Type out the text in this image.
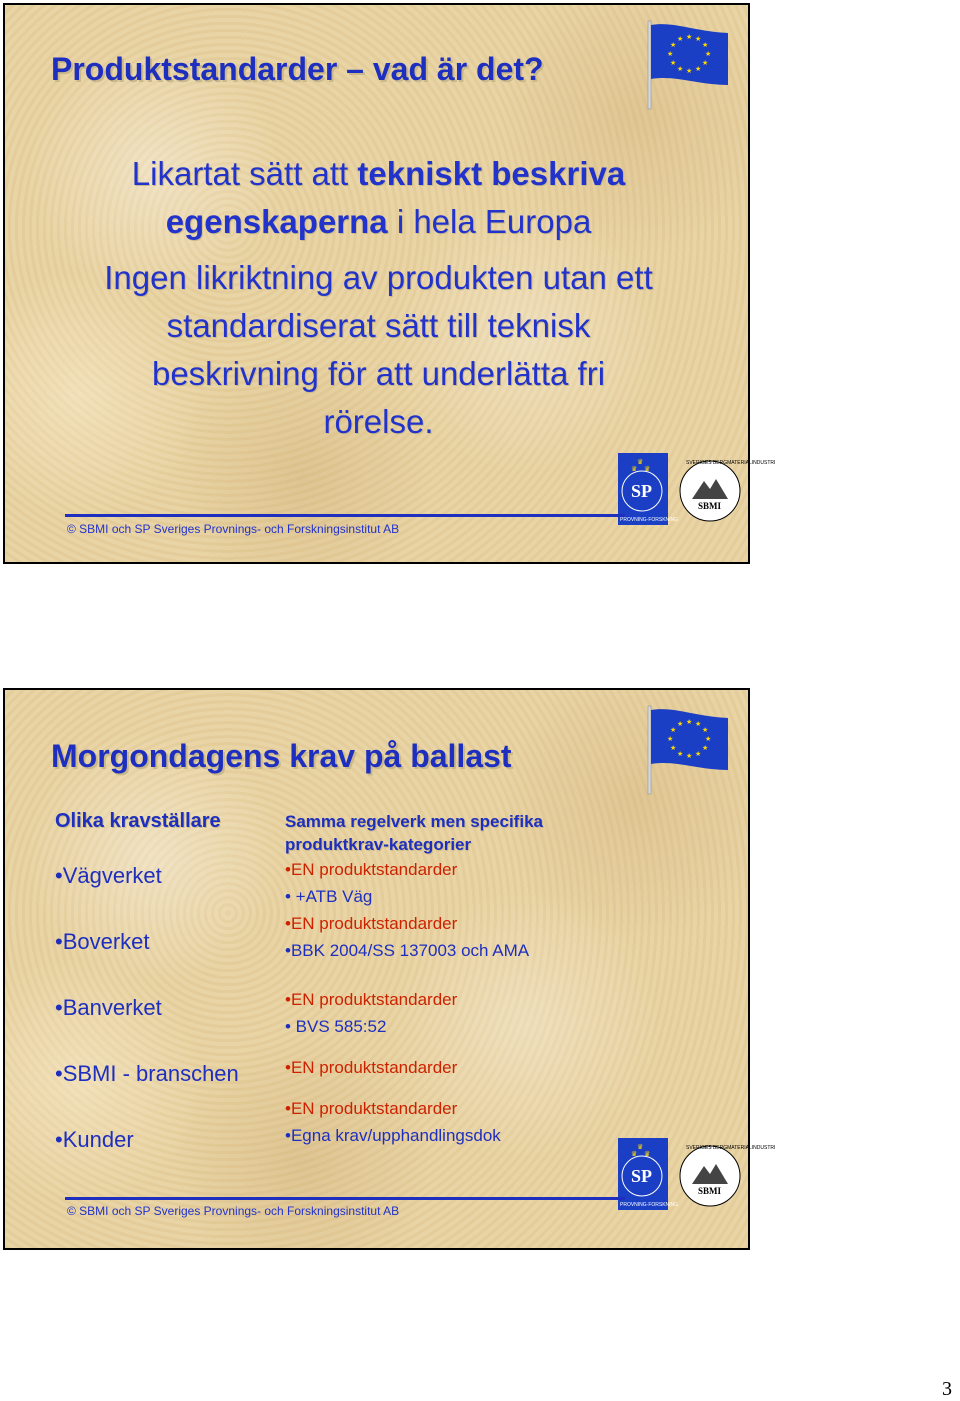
Produktstandarder – vad är det?
★ ★
★
★
★
★
★
★
★
★
★
★

Likartat sätt att tekniskt beskriva

egenskaperna i hela Europa

Ingen likriktning av produkten utan ett

standardiserat sätt till teknisk

beskrivning för att underlätta fri

rörelse.

♛
♛ ♛
SP
PROVNING·FORSKNING
SBMI
SVERIGES BERGMATERIALINDUSTRI
© SBMI och SP Sveriges Provnings- och Forskningsinstitut AB
Morgondagens krav på ballast
★ ★
★
★
★
★
★
★
★
★
★
★
Olika kravställare
•Vägverket
•Boverket
•Banverket
•SBMI - branschen
•Kunder
Samma regelverk men specifika
produktkrav-kategorier
•EN produktstandarder
• +ATB Väg
•EN produktstandarder
•BBK 2004/SS 137003 och AMA
•EN produktstandarder
• BVS 585:52
•EN produktstandarder
•EN produktstandarder
•Egna krav/upphandlingsdok
♛
♛ ♛
SP
PROVNING·FORSKNING
SBMI
SVERIGES BERGMATERIALINDUSTRI
© SBMI och SP Sveriges Provnings- och Forskningsinstitut AB
3
